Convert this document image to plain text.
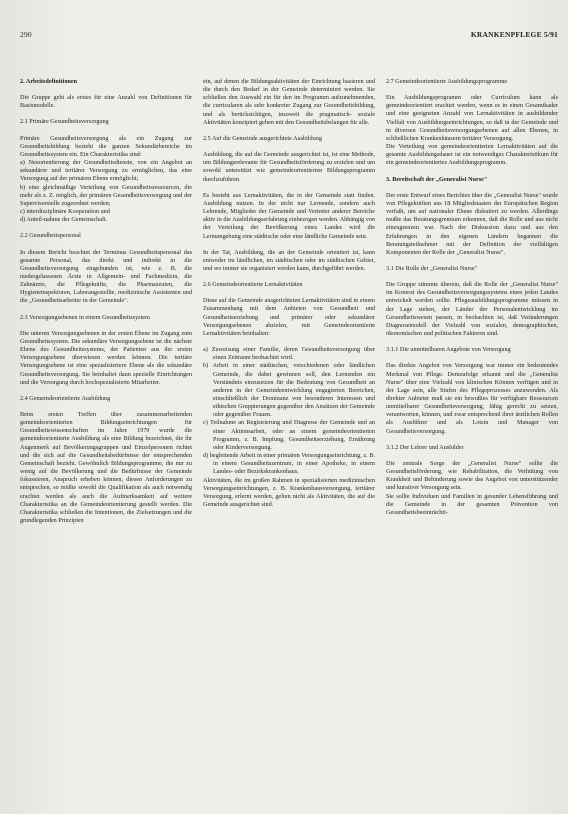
290	KRANKENPFLEGE 5/91
2. Arbeitsdefinitionen

Die Gruppe geht als erstes für eine Anzahl von Definitionen für Basismodelle.

2.1 Primäre Gesundheitsversorgung

Primäre Gesundheitsversorgung als ein Zugang zur Gesundheitsbildung bezieht die ganzen Sekundärbereiche im Gesundheitssystem ein. Ein Charakteristika sind:

a) Neuorientierung der Gesundheitsdienste, von ein Angebot an sekundärer und tertiärer Versorgung zu ermöglichen, das eine Versorgung auf der primären Ebene ermöglicht;
b) eine gleichmäßige Verteilung von Gesundheitsressourcen, die mehr als z. Z. möglich, der primären Gesundheitsversorgung und der Supervisorstelle zugeordnet werden;
c) interdisziplinäre Kooperation und
d) Anteil-nahme der Gemeinschaft.
2.2 Gesundheitspersonal

In diesem Bericht beachtet der Terminus Gesundheitspersonal das gesamte Personal, das direkt und indirekt in die Gesundheitsversorgung eingebunden ist, wie z. B. die niedergelassenen Ärzte in Allgemein- und Fachmedizin, die Zahnärzte, die Pflegekräfte, die Pharmazeuten, die Hygieneinspektoren, Laborangestellte, medizinische Assistenten und die „Gesundheitsarbeiter in der Gemeinde".

2.3 Versorgungsebenen in einem Gesundheitssystem

Die unteren Versorgungsebenen in der ersten Ebene im Zugang zum Gesundheitssystem. Die sekundäre Versorgungsebene ist die nächste Ebene des Gesundheitssystems, der Patienten aus der ersten Versorgungsebene überwiesen werden können. Die tertiäre Versorgungsebene ist eine spezialisiertere Ebene als die sekundäre Gesundheitsversorgung. Sie beinhaltet dann spezielle Einrichtungen und die Versorgung durch hochspezialisierte Mitarbeiter.

2.4 Gemeindeorientierte Ausbildung

Beim ersten Treffen über zusammenarbeitenden gemeindeorientierten Bildungseinrichtungen für Gesundheitswissenschaften im Jahre 1979 wurde die gemeindeorientierte Ausbildung als eine Bildung bezeichnet, die ihr Augenmerk auf Bevölkerungsgruppen und Einzelpersonen richtet und die sich auf die Gesundheitsbedürfnisse der entsprechenden Gemeinschaft bezieht. Gewöhnlich Bildungsprogramme, die nur zu wenig auf die Bevölkerung und die Bedürfnisse der Gemeinde fokussieren, Anspruch erheben können, diesen Anforderungen zu entsprechen, so müßte sowohl die Qualifikation als auch notwendig erachtet werden als auch die Aufmerksamkeit auf weitere Charakteristika an die Gemeindeorientierung gestellt werden. Die Charakteristika schließen die Intentionen, die Zielsetzungen und die grundlegenden Prinzipien

ein, auf denen die Bildungsaktivitäten der Einrichtung basieren und die durch den Bedarf in der Gemeinde determiniert werden. Sie schließen den Auswahl ein für den im Programm aufzunehmenden, die curricularen als sehr konkreter Zugang zur Gesundheitsbildung, und als berücksichtigen, insoweit die pragmatisch- soziale Aktivitäten konzipiert gehen mit den Gesundheitsbelangen für alle.

2.5 Auf die Gemeinde ausgerichtete Ausbildung

Ausbildung, die auf die Gemeinde ausgerichtet ist, ist eine Methode, um Bildungsrelevante für Gesundheitsförderung zu erzielen und um sowohl unterstützt wie gemeindeorientierten Bildungsprogramm durchzuführen.

Es besteht aus Lernaktivitäten, die in der Gemeinde statt finden. Ausbildung nutzen. In der nicht nur Lernende, sondern auch Lehrende, Mitglieder der Gemeinde und Vertreter anderer Bereiche aktiv in die Ausbildungserfahrung einbezogen werden. Abhängig von der Verteilung der Bevölkerung eines Landes wird die Lernumgebung eine städtische oder eine ländliche Gemeinde sein.

In der Tat, Ausbildung, die an der Gemeinde orientiert ist, kann entweder im ländlichen, im städtischen oder im städtischen Gebiet, und wo immer sie organisiert werden kann, durchgeführt werden.

2.6 Gemeindeorientierte Lernaktivitäten

Diese auf die Gemeinde ausgerichteten Lernaktivitäten sind in einem Zusammenhang mit dem Anbieten von Gesundheit und Gesundheitserziehung und primärer oder sekundärer Versorgungsebenen abzielen, mit Gemeindeorientierte Lernaktivitäten beinhalten:

a) Zuweisung einer Familie, deren Gesundheitsversorgung über einen Zeitraum beobachtet wird.
b) Arbeit in einer städtischen, verschiedenen oder ländlichen Gemeinde, die dabei gewinnen soll, den Lernenden ein Verständnis einzusetzen für die Bedeutung von Gesundheit an anderen in der Gemeindeentwicklung engagierten Bereichen, einschließlich der Dominanz von besonderen Interessen und ethischen Gruppierungen gegenüber den Ansätzen der Gemeinde oder gegenüber Frauen.
c) Teilnahme an Registrierung und Diagnose der Gemeinde und an einer Aktionsarbeit, oder an einem gemeindeorientierten Programm, z. B. Impfung, Gesundheitserziehung, Ernährung oder Kinderversorgung.
d) begleitende Arbeit in einer primären Versorgungseinrichtung, z. B. in einem Gesundheitszentrum, in einer Apotheke, in einem Landes- oder Bezirkskrankenhaus.

Aktivitäten, die im großen Rahmen in spezialisierten medizinischen Versorgungseinrichtungen, z. B. Krankenhausversorgung, tertiärer Versorgung, erlernt werden, gelten nicht als Aktivitäten, die auf die Gemeinde ausgerichtet sind.

2.7 Gemeindeorientierte Ausbildungsprogramme

Ein Ausbildungsprogramm oder Curriculum kann als gemeindeorientiert erachtet werden, wenn es in einen Gesamtkader und eine geeigneten Anzahl von Lernaktivitäten in ausbildender Vielfalt von Ausbildungseinrichtungen, so daß in der Gemeinde und in diversen Gesundheitsversorgungsebenen auf allen Ebenen, in schließlichen Krankenhäusern tertiärer Versorgung.

Die Verteilung von gemeindeorientierten Lernaktivitäten auf die gesamte Ausbildungsdauer ist ein notwendiges Charakteristikum für ein gemeindeorientiertes Ausbildungsprogramm.

3. Bereitschaft der „Generalist Nurse"

Der erste Entwurf eines Berichtes über die „Generalist Nurse" wurde von Pflegekräften aus 18 Mitgliedstaaten der Europäischen Region verfaßt, um auf nationaler Ebene diskutiert zu werden. Allerdings mußte das Beratungsgremium erkennen, daß die Rolle und aus nicht einzugrenzen war. Nach der Diskussion dazu und aus den Erfahrungen in den eigenen Ländern begannen die Beratungsteilnehmer mit der Definition der vielfältigen Komponenten der Rolle der „Generalist Nurse".

3.1 Die Rolle der „Generalist Nurse"

Die Gruppe stimmte überein, daß die Rolle der „Generalist Nurse" im Kontext des Gesundheitsversorgungssystems eines jeden Landes entwickelt werden sollte. Pflegeausbildungsprogramme müssen in der Lage stehen, der Länder der Personalentwicklung im Gesundheitswesen passen, in beobachten ist, daß Veränderungen Diagnosemodell der Vielzahl von sozialen, demographischen, ökonomischen und politischen Faktoren sind.

3.1.1 Die unmittelbaren Angebote von Versorgung

Das direkte Angebot von Versorgung war immer ein bedeutendes Merkmal von Pflege. Demzufolge erkannt und die „Generalist Nurse" über eine Vielzahl von klinischen Können verfügen und in der Lage sein, alle Stufen des Pflegeprozesses anzuwenden. Als direkter Anbieter muß sie ein bewußtes für verfügbare Ressourcen unmittelbarer Gesundheitsversorgung, fähig gerecht zu setzen, verantworten, können, und zwar entsprechend ihrer ärztlichen Rollen als Ausführer und als Lotsin und Manager von Gesundheitsversorgung.

3.1.2 Der Lehrer und Ausbilder

Die zentrale Sorge der „Generalist Nurse" sollte die Gesundheitsförderung, wie Rehabilitation, die Verhütung von Krankheit und Behinderung sowie das Angebot von unterstützender und kurativer Versorgung sein.

Sie sollte Individuen und Familien in gesunder Lebensführung und die Gemeinde in der gesamten Prävention von Gesundheitsbeeinträchti-
